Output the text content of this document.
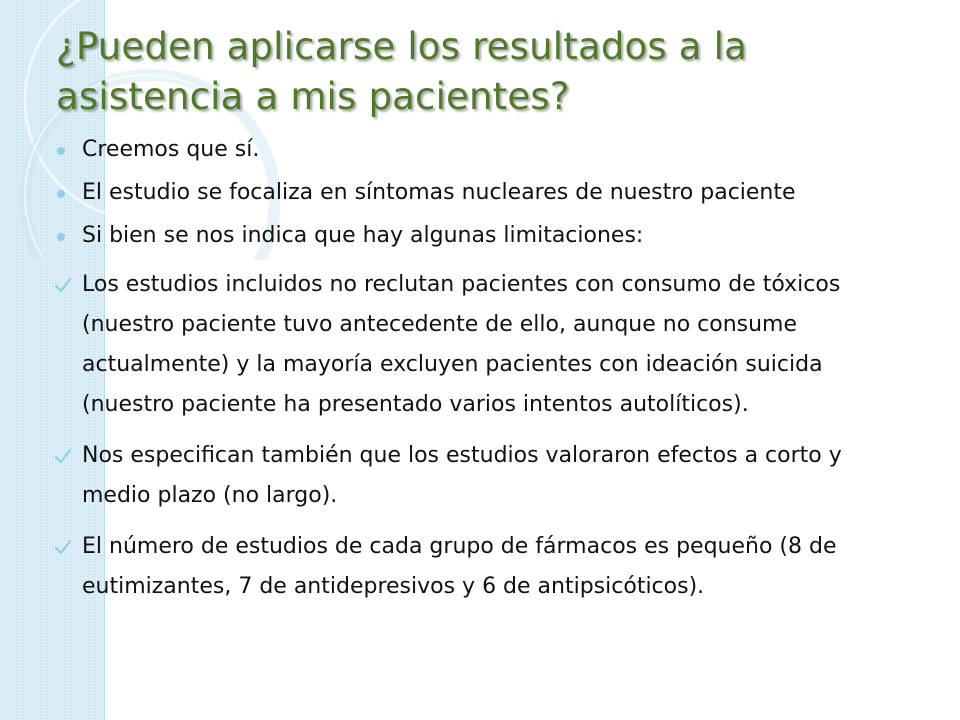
¿Pueden aplicarse los resultados a la asistencia a mis pacientes?
Creemos que sí.
El estudio se focaliza en síntomas nucleares de nuestro paciente
Si bien se nos indica que hay algunas limitaciones:
Los estudios incluidos no reclutan pacientes con consumo de tóxicos (nuestro paciente tuvo antecedente de ello, aunque no consume actualmente) y la mayoría excluyen pacientes con ideación suicida (nuestro paciente ha presentado varios intentos autolíticos).
Nos especifican también que los estudios valoraron efectos a corto y medio plazo (no largo).
El número de estudios de cada grupo de fármacos es pequeño (8 de eutimizantes, 7 de antidepresivos y 6 de antipsicóticos).
